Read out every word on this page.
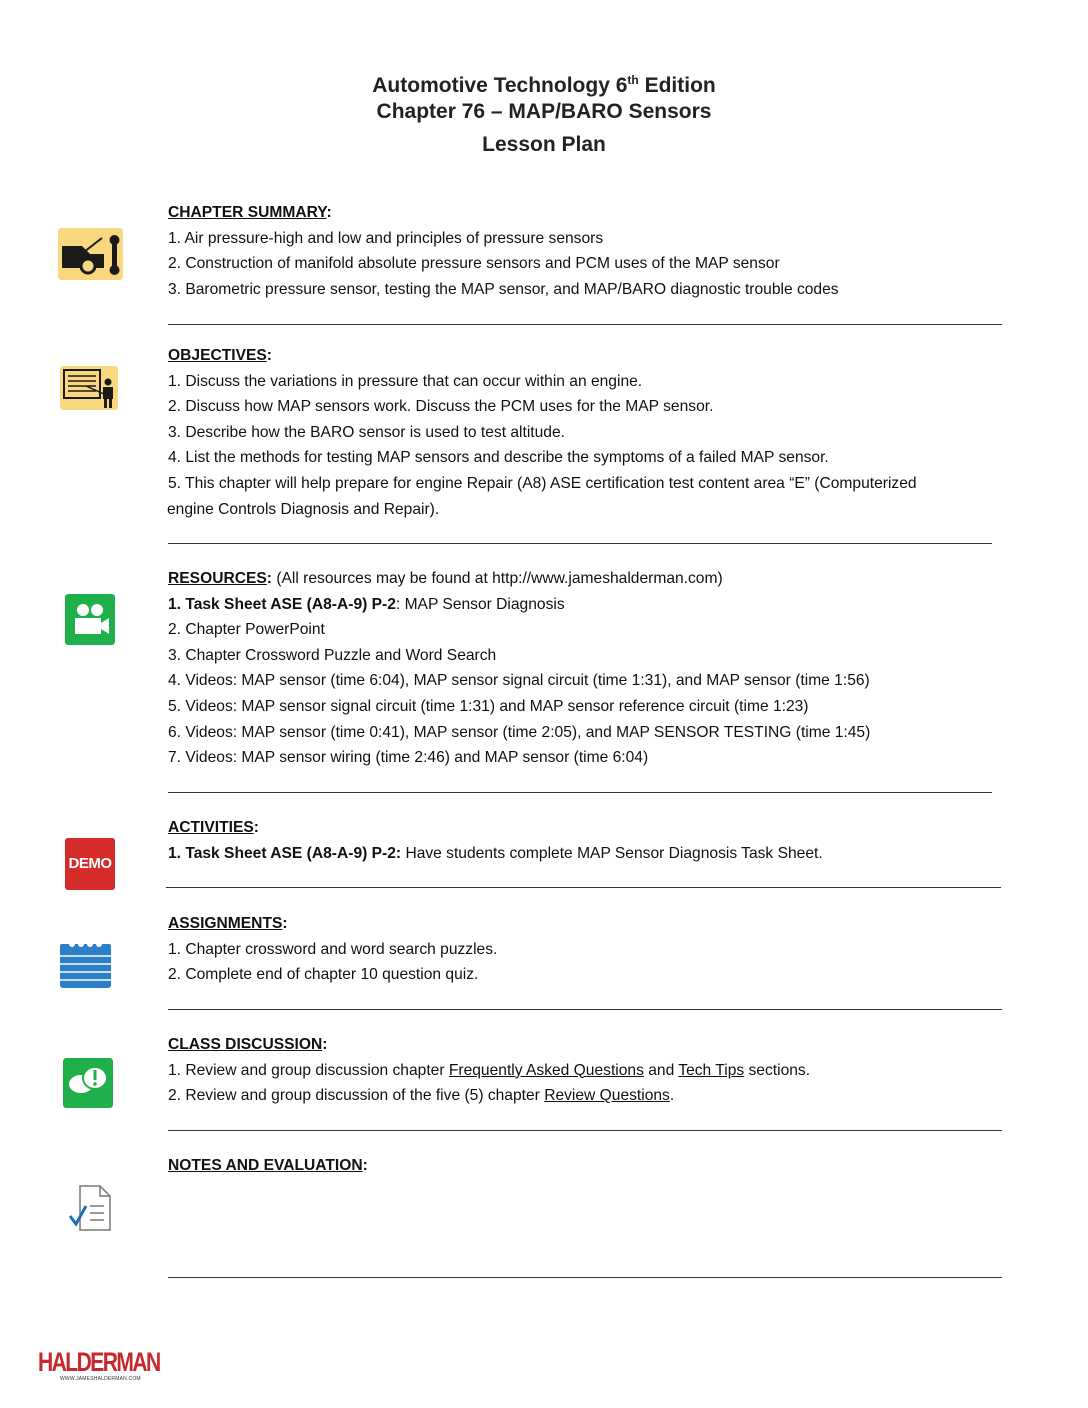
Automotive Technology 6th Edition
Chapter 76 – MAP/BARO Sensors
Lesson Plan
CHAPTER SUMMARY:
1. Air pressure-high and low and principles of pressure sensors
2. Construction of manifold absolute pressure sensors and PCM uses of the MAP sensor
3. Barometric pressure sensor, testing the MAP sensor, and MAP/BARO diagnostic trouble codes
OBJECTIVES:
1. Discuss the variations in pressure that can occur within an engine.
2. Discuss how MAP sensors work. Discuss the PCM uses for the MAP sensor.
3. Describe how the BARO sensor is used to test altitude.
4. List the methods for testing MAP sensors and describe the symptoms of a failed MAP sensor.
5. This chapter will help prepare for engine Repair (A8) ASE certification test content area “E” (Computerized
engine Controls Diagnosis and Repair).
RESOURCES: (All resources may be found at http://www.jameshalderman.com)
1. Task Sheet ASE (A8-A-9) P-2: MAP Sensor Diagnosis
2. Chapter PowerPoint
3. Chapter Crossword Puzzle and Word Search
4. Videos: MAP sensor (time 6:04), MAP sensor signal circuit (time 1:31), and MAP sensor (time 1:56)
5. Videos: MAP sensor signal circuit (time 1:31) and MAP sensor reference circuit (time 1:23)
6. Videos: MAP sensor (time 0:41), MAP sensor (time 2:05), and MAP SENSOR TESTING (time 1:45)
7. Videos: MAP sensor wiring (time 2:46) and MAP sensor (time 6:04)
DEMO
ACTIVITIES:
1. Task Sheet ASE (A8-A-9) P-2: Have students complete MAP Sensor Diagnosis Task Sheet.
ASSIGNMENTS:
1. Chapter crossword and word search puzzles.
2. Complete end of chapter 10 question quiz.
CLASS DISCUSSION:
1. Review and group discussion chapter Frequently Asked Questions and Tech Tips sections.
2. Review and group discussion of the five (5) chapter Review Questions.
NOTES AND EVALUATION:
HALDERMAN
WWW.JAMESHALDERMAN.COM
